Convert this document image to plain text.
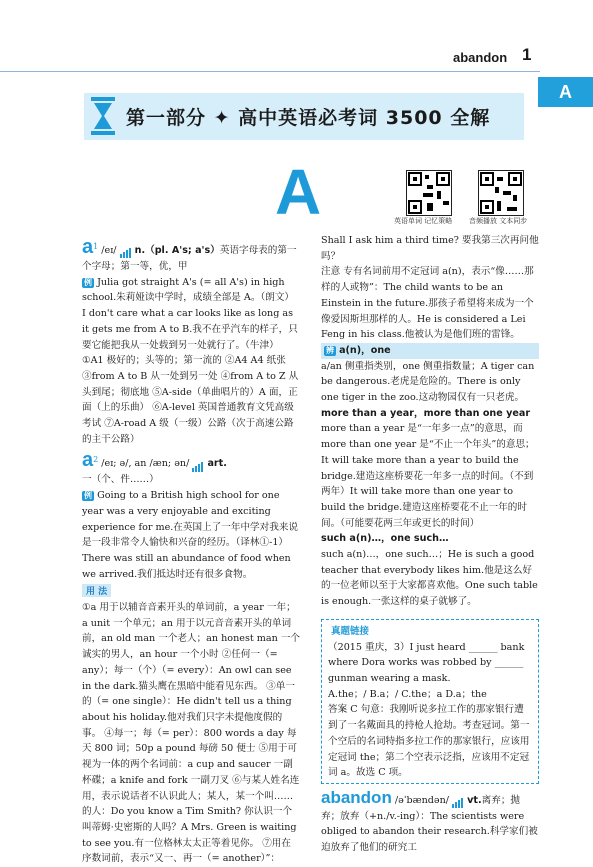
abandon 1
A
第一部分 ✦ 高中英语必考词 3500 全解
A	英语单词 记忆策略 音频播放 文本同步

$a^1$ /eɪ/ n.（pl. A's; a's）英语字母表的第一个字母；第一等，优，甲

例 Julia got straight A's (= all A's) in high school.朱莉娅读中学时，成绩全部是 A。（朗文）

I don't care what a car looks like as long as it gets me from A to B.我不在乎汽车的样子，只要它能把我从一处载到另一处就行了。（牛津）

①A1 极好的；头等的；第一流的 ②A4 A4 纸张 ③from A to B 从一处到另一处 ④from A to Z 从头到尾；彻底地 ⑤A-side（单曲唱片的）A 面，正面（上的乐曲） ⑥A-level 英国普通教育文凭高级考试 ⑦A-road A 级（一级）公路（次于高速公路的主干公路）

$a^2$ /eɪ; ə/, an /æn; ən/ art.一（个、件……）

例 Going to a British high school for one year was a very enjoyable and exciting experience for me.在英国上了一年中学对我来说是一段非常令人愉快和兴奋的经历。（译林①-1）

There was still an abundance of food when we arrived.我们抵达时还有很多食物。

用 法

①a 用于以辅音音素开头的单词前，a year 一年；a unit 一个单元；an 用于以元音音素开头的单词前，an old man 一个老人；an honest man 一个诚实的男人，an hour 一个小时 ②任何一（= any）；每一（个）（= every）：An owl can see in the dark.猫头鹰在黑暗中能看见东西。 ③单一的（= one single）：He didn't tell us a thing about his holiday.他对我们只字未提他度假的事。 ④每一；每（= per）：800 words a day 每天 800 词；50p a pound 每磅 50 便士 ⑤用于可视为一体的两个名词前：a cup and saucer 一副杯碟；a knife and fork 一副刀叉 ⑥与某人姓名连用，表示说话者不认识此人；某人，某一个叫……的人：Do you know a Tim Smith? 你认识一个叫蒂姆·史密斯的人吗？A Mrs. Green is waiting to see you.有一位格林太太正等着见你。 ⑦用在序数词前，表示“又一、再一（= another）”：

Shall I ask him a third time? 要我第三次再问他吗？

注意 专有名词前用不定冠词 a(n)，表示“像……那样的人或物”：The child wants to be an Einstein in the future.那孩子希望将来成为一个像爱因斯坦那样的人。He is considered a Lei Feng in his class.他被认为是他们班的雷锋。

辨 a(n)，one

a/an 侧重指类别，one 侧重指数量；A tiger can be dangerous.老虎是危险的。There is only one tiger in the zoo.这动物园仅有一只老虎。

more than a year，more than one year

more than a year 是“一年多一点”的意思，而 more than one year 是“不止一个年头”的意思；It will take more than a year to build the bridge.建造这座桥要花一年多一点的时间。（不到两年）It will take more than one year to build the bridge.建造这座桥要花不止一年的时间。（可能要花两三年或更长的时间）

such a(n)…，one such…

such a(n)…，one such…；He is such a good teacher that everybody likes him.他是这么好的一位老师以至于大家都喜欢他。One such table is enough.一张这样的桌子就够了。

真题链接

（2015 重庆，3）I just heard ______ bank where Dora works was robbed by ______ gunman wearing a mask.

A.the；/ B.a；/ C.the；a D.a；the

答案 C 句意：我刚听说多拉工作的那家银行遭到了一名戴面具的持枪人抢劫。考查冠词。第一个空后的名词特指多拉工作的那家银行，应该用定冠词 the；第二个空表示泛指，应该用不定冠词 a。故选 C 项。

abandon /əˈbændən/ vt.离弃；抛弃；放弃（+n./v.-ing）：The scientists were obliged to abandon their research.科学家们被迫放弃了他们的研究工
